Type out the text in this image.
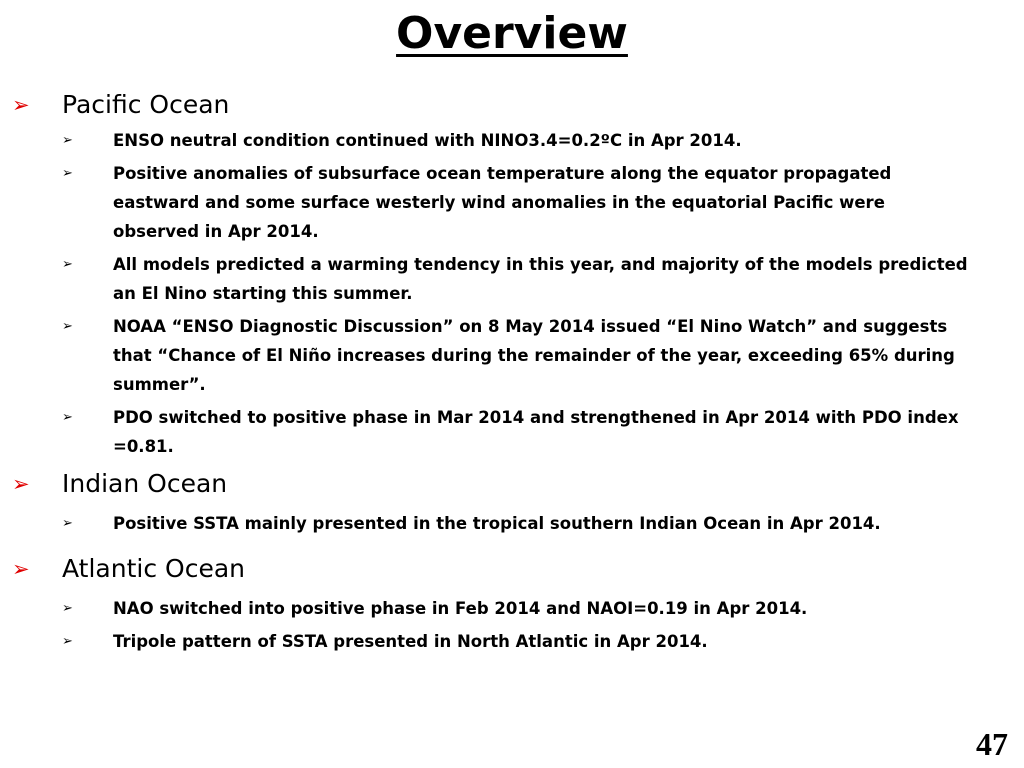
Overview
➢ Pacific Ocean
➢ ENSO neutral condition continued with NINO3.4=0.2ºC in Apr 2014.
➢ Positive anomalies of subsurface ocean temperature along the equator propagated eastward and some surface westerly wind anomalies in the equatorial Pacific were observed in Apr 2014.
➢ All models predicted a warming tendency in this year, and majority of the models predicted an El Nino starting this summer.
➢ NOAA “ENSO Diagnostic Discussion” on 8 May 2014 issued “El Nino Watch” and suggests that “Chance of El Niño increases during the remainder of the year, exceeding 65% during summer”.
➢ PDO switched to positive phase in Mar 2014 and strengthened in Apr 2014 with PDO index =0.81.
➢ Indian Ocean
➢ Positive SSTA mainly presented in the tropical southern Indian Ocean in Apr 2014.
➢ Atlantic Ocean
➢ NAO switched into positive phase in Feb 2014 and NAOI=0.19 in Apr 2014.
➢ Tripole pattern of SSTA presented in North Atlantic in Apr 2014.
47
